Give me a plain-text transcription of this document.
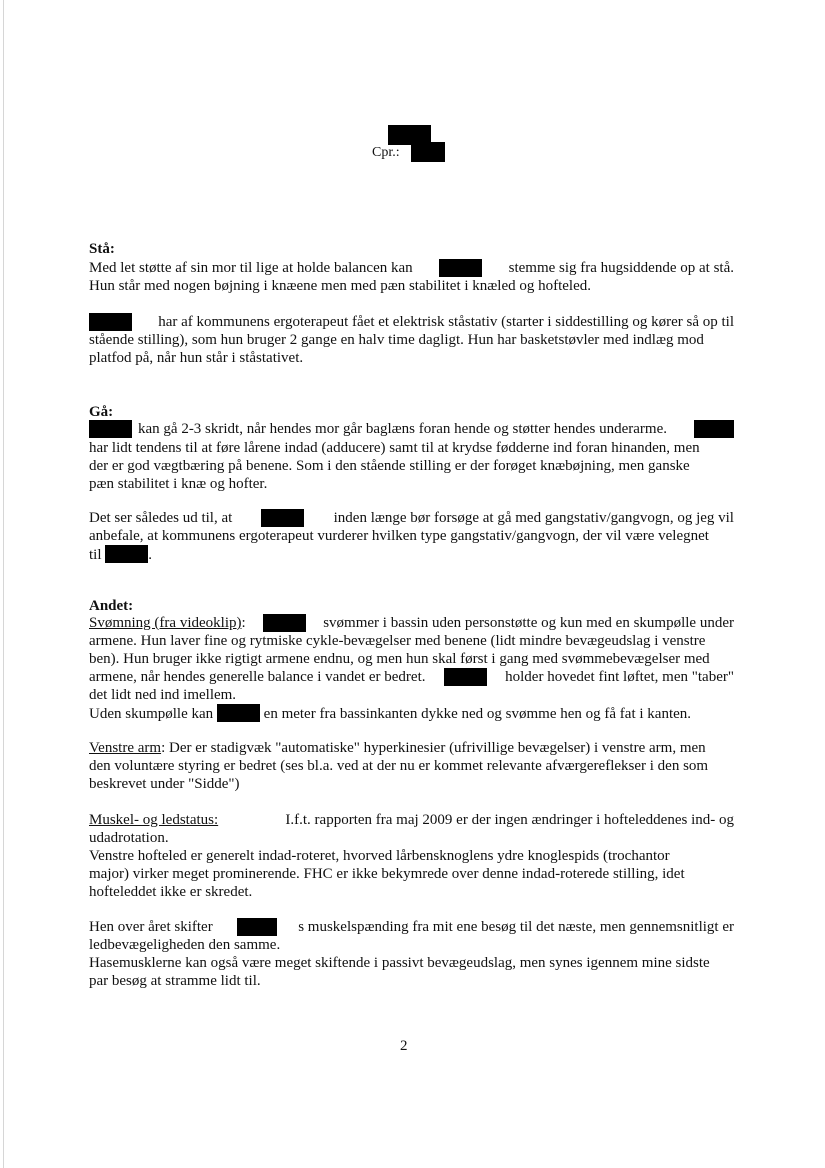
Cpr.:
Stå:
Med let støtte af sin mor til lige at holde balancen kan	stemme sig fra hugsiddende op at stå.
Hun står med nogen bøjning i knæene men med pæn stabilitet i knæled og hofteled.
har af kommunens ergoterapeut fået et elektrisk ståstativ (starter i siddestilling og kører så op til
stående stilling), som hun bruger 2 gange en halv time dagligt. Hun har basketstøvler med indlæg mod
platfod på, når hun står i ståstativet.
Gå:
kan gå 2-3 skridt, når hendes mor går baglæns foran hende og støtter hendes underarme.
har lidt tendens til at føre lårene indad (adducere) samt til at krydse fødderne ind foran hinanden, men
der er god vægtbæring på benene. Som i den stående stilling er der forøget knæbøjning, men ganske
pæn stabilitet i knæ og hofter.
Det ser således ud til, at	inden længe bør forsøge at gå med gangstativ/gangvogn, og jeg vil
anbefale, at kommunens ergoterapeut vurderer hvilken type gangstativ/gangvogn, der vil være velegnet
til	.
Andet:
Svømning (fra videoklip):	svømmer i bassin uden personstøtte og kun med en skumpølle under
armene. Hun laver fine og rytmiske cykle-bevægelser med benene (lidt mindre bevægeudslag i venstre
ben). Hun bruger ikke rigtigt armene endnu, og men hun skal først i gang med svømmebevægelser med
armene, når hendes generelle balance i vandet er bedret.	holder hovedet fint løftet, men "taber"
det lidt ned ind imellem.
Uden skumpølle kan	en meter fra bassinkanten dykke ned og svømme hen og få fat i kanten.
Venstre arm: Der er stadigvæk "automatiske" hyperkinesier (ufrivillige bevægelser) i venstre arm, men
den voluntære styring er bedret (ses bl.a. ved at der nu er kommet relevante afværgereflekser i den som
beskrevet under "Sidde")
Muskel- og ledstatus:	I.f.t. rapporten fra maj 2009 er der ingen ændringer i hofteleddenes ind- og
udadrotation.
Venstre hofteled er generelt indad-roteret, hvorved lårbensknoglens ydre knoglespids (trochantor
major) virker meget prominerende. FHC er ikke bekymrede over denne indad-roterede stilling, idet
hofteleddet ikke er skredet.
Hen over året skifter	s muskelspænding fra mit ene besøg til det næste, men gennemsnitligt er
ledbevægeligheden den samme.
Hasemusklerne kan også være meget skiftende i passivt bevægeudslag, men synes igennem mine sidste
par besøg at stramme lidt til.
2
